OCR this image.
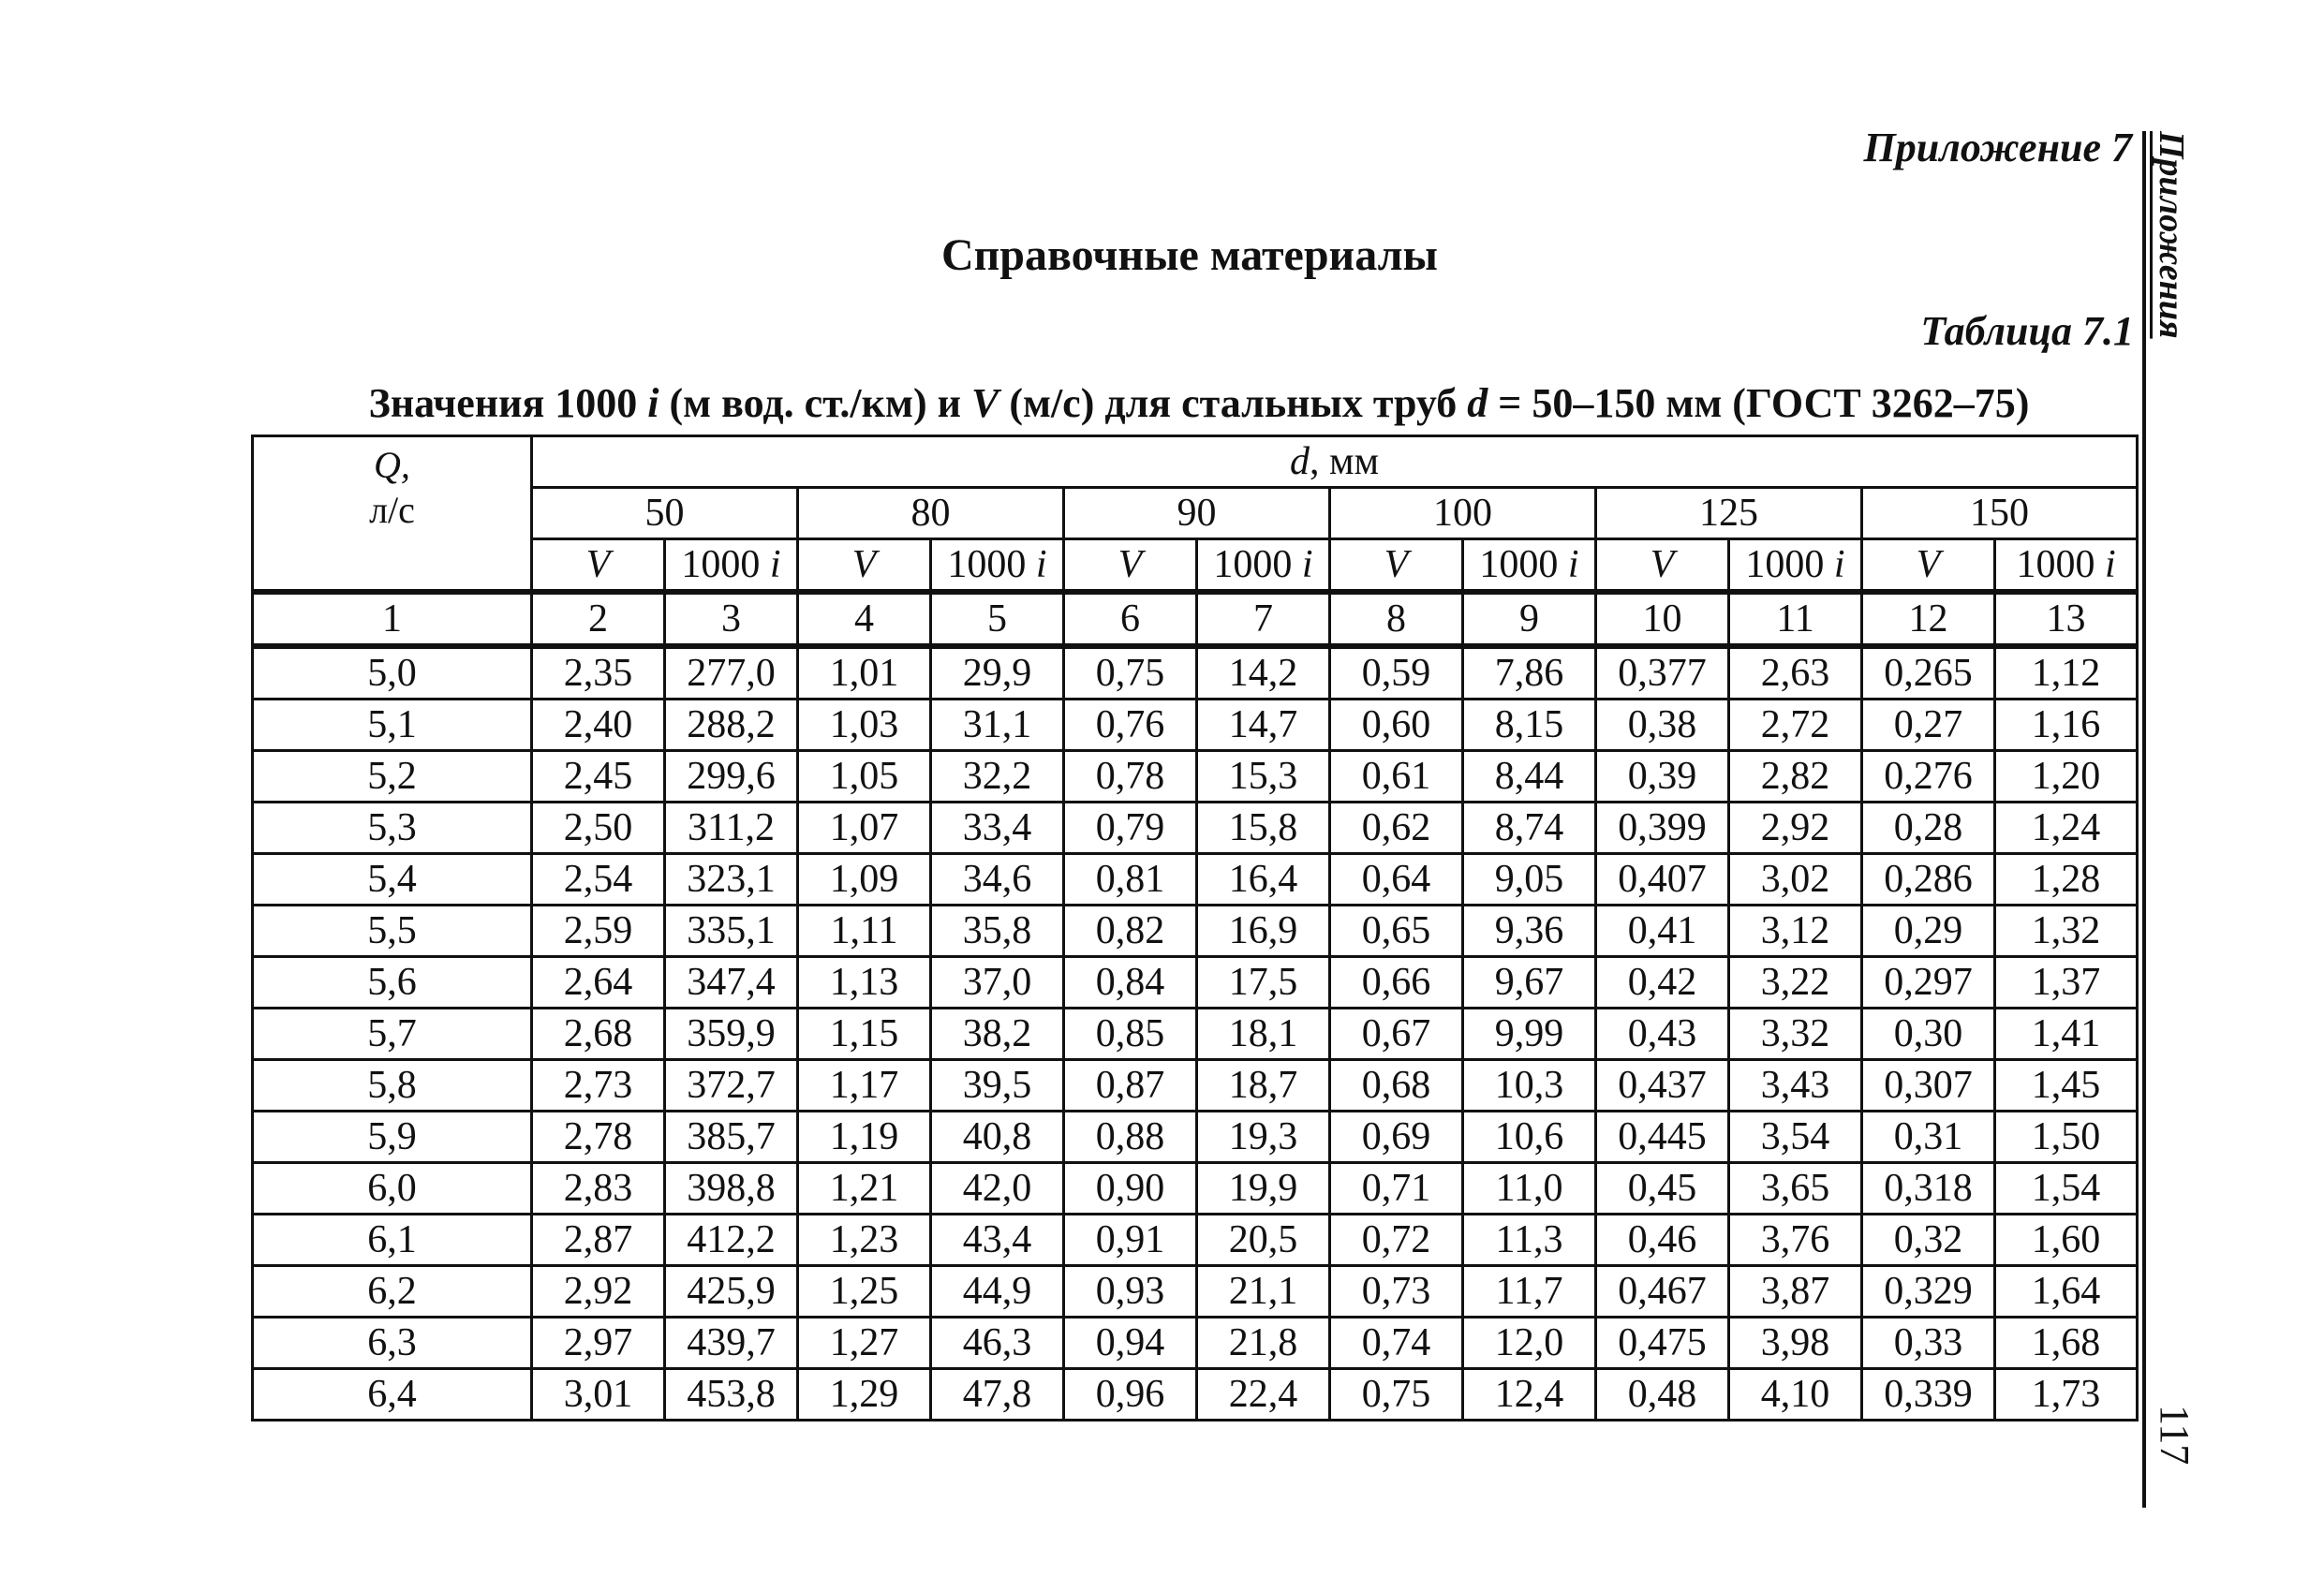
Приложение 7 Приложения
117
Справочные материалы
Таблица 7.1
Значения 1000 i (м вод. ст./км) и V (м/с) для стальных труб d = 50–150 мм (ГОСТ 3262–75)
Q,
л/с	d, мм											
	50		80		90		100		125		150	
	V	1000 i	V	1000 i	V	1000 i	V	1000 i	V	1000 i	V	1000 i
1	2	3	4	5	6	7	8	9	10	11	12	13
5,0	2,35	277,0	1,01	29,9	0,75	14,2	0,59	7,86	0,377	2,63	0,265	1,12
5,1	2,40	288,2	1,03	31,1	0,76	14,7	0,60	8,15	0,38	2,72	0,27	1,16
5,2	2,45	299,6	1,05	32,2	0,78	15,3	0,61	8,44	0,39	2,82	0,276	1,20
5,3	2,50	311,2	1,07	33,4	0,79	15,8	0,62	8,74	0,399	2,92	0,28	1,24
5,4	2,54	323,1	1,09	34,6	0,81	16,4	0,64	9,05	0,407	3,02	0,286	1,28
5,5	2,59	335,1	1,11	35,8	0,82	16,9	0,65	9,36	0,41	3,12	0,29	1,32
5,6	2,64	347,4	1,13	37,0	0,84	17,5	0,66	9,67	0,42	3,22	0,297	1,37
5,7	2,68	359,9	1,15	38,2	0,85	18,1	0,67	9,99	0,43	3,32	0,30	1,41
5,8	2,73	372,7	1,17	39,5	0,87	18,7	0,68	10,3	0,437	3,43	0,307	1,45
5,9	2,78	385,7	1,19	40,8	0,88	19,3	0,69	10,6	0,445	3,54	0,31	1,50
6,0	2,83	398,8	1,21	42,0	0,90	19,9	0,71	11,0	0,45	3,65	0,318	1,54
6,1	2,87	412,2	1,23	43,4	0,91	20,5	0,72	11,3	0,46	3,76	0,32	1,60
6,2	2,92	425,9	1,25	44,9	0,93	21,1	0,73	11,7	0,467	3,87	0,329	1,64
6,3	2,97	439,7	1,27	46,3	0,94	21,8	0,74	12,0	0,475	3,98	0,33	1,68
6,4	3,01	453,8	1,29	47,8	0,96	22,4	0,75	12,4	0,48	4,10	0,339	1,73
